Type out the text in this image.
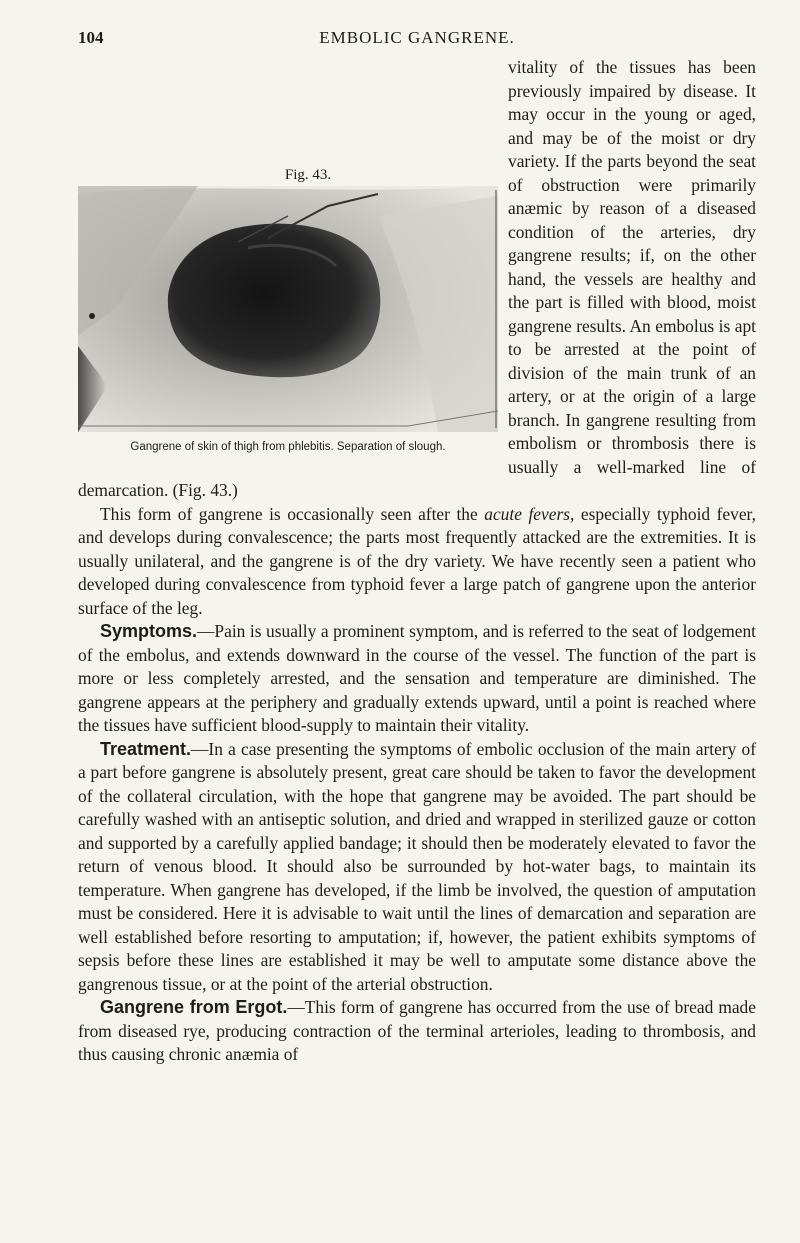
104	EMBOLIC GANGRENE.

Fig. 43.
Gangrene of skin of thigh from phlebitis. Separation of slough.
vitality of the tissues has been previously impaired by disease. It may occur in the young or aged, and may be of the moist or dry variety. If the parts beyond the seat of obstruction were primarily anæmic by reason of a diseased condition of the arteries, dry gangrene results; if, on the other hand, the vessels are healthy and the part is filled with blood, moist gangrene results. An embolus is apt to be arrested at the point of division of the main trunk of an artery, or at the origin of a large branch. In gangrene resulting from embolism or thrombosis there is usually a well-marked line of demarcation. (Fig. 43.)

This form of gangrene is occasionally seen after the acute fevers, especially typhoid fever, and develops during convalescence; the parts most frequently attacked are the extremities. It is usually unilateral, and the gangrene is of the dry variety. We have recently seen a patient who developed during convalescence from typhoid fever a large patch of gangrene upon the anterior surface of the leg.

Symptoms.—Pain is usually a prominent symptom, and is referred to the seat of lodgement of the embolus, and extends downward in the course of the vessel. The function of the part is more or less completely arrested, and the sensation and temperature are diminished. The gangrene appears at the periphery and gradually extends upward, until a point is reached where the tissues have sufficient blood-supply to maintain their vitality.

Treatment.—In a case presenting the symptoms of embolic occlusion of the main artery of a part before gangrene is absolutely present, great care should be taken to favor the development of the collateral circulation, with the hope that gangrene may be avoided. The part should be carefully washed with an antiseptic solution, and dried and wrapped in sterilized gauze or cotton and supported by a carefully applied bandage; it should then be moderately elevated to favor the return of venous blood. It should also be surrounded by hot-water bags, to maintain its temperature. When gangrene has developed, if the limb be involved, the question of amputation must be considered. Here it is advisable to wait until the lines of demarcation and separation are well established before resorting to amputation; if, however, the patient exhibits symptoms of sepsis before these lines are established it may be well to amputate some distance above the gangrenous tissue, or at the point of the arterial obstruction.

Gangrene from Ergot.—This form of gangrene has occurred from the use of bread made from diseased rye, producing contraction of the terminal arterioles, leading to thrombosis, and thus causing chronic anæmia of
